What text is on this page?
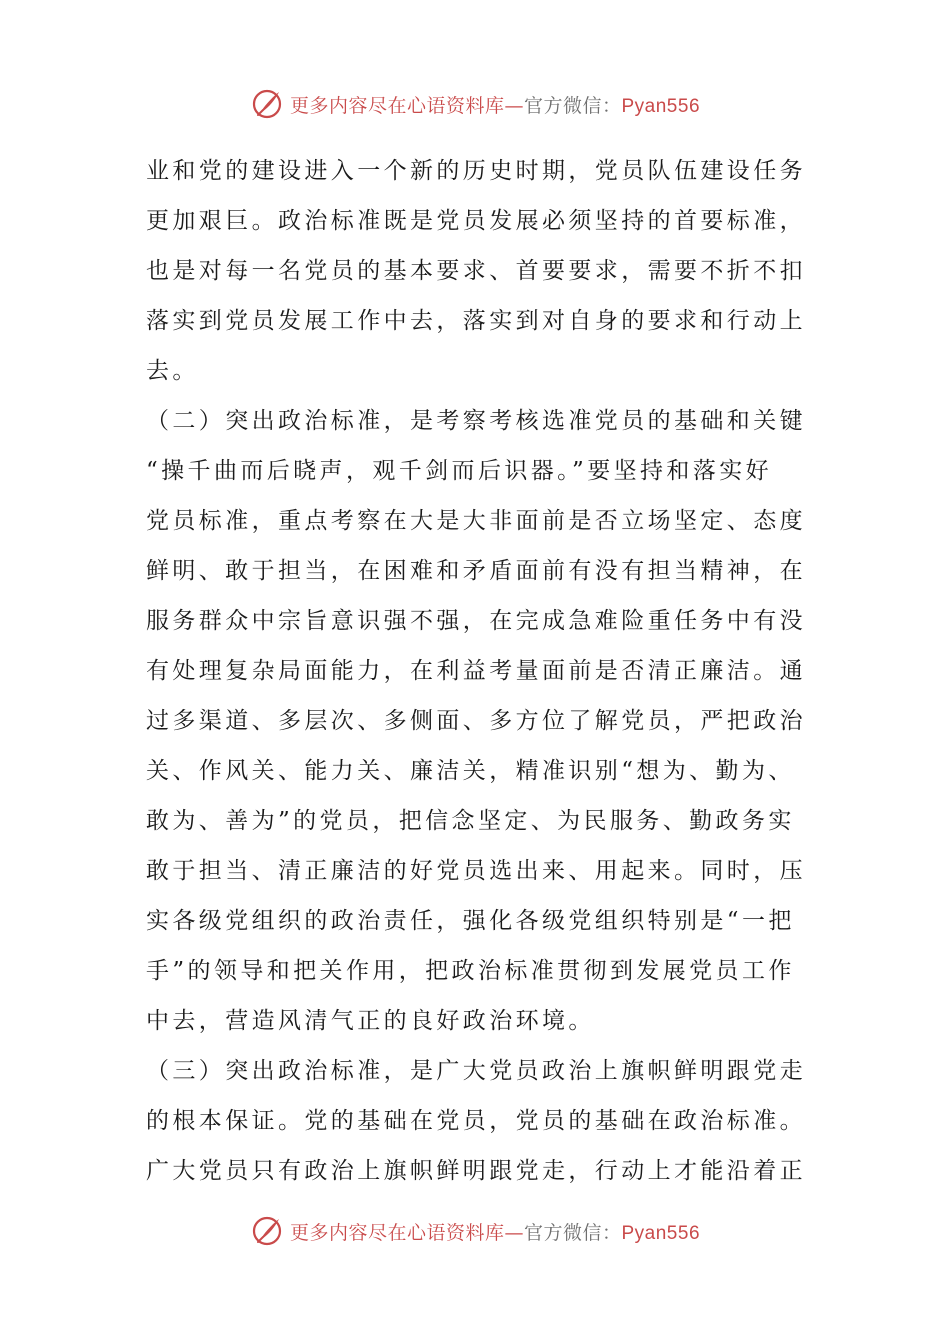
更多内容尽在心语资料库—官方微信：Pyan556
业和党的建设进入一个新的历史时期，党员队伍建设任务
更加艰巨。政治标准既是党员发展必须坚持的首要标准，
也是对每一名党员的基本要求、首要要求，需要不折不扣
落实到党员发展工作中去，落实到对自身的要求和行动上
去。
（二）突出政治标准，是考察考核选准党员的基础和关键
“操千曲而后晓声，观千剑而后识器。”要坚持和落实好
党员标准，重点考察在大是大非面前是否立场坚定、态度
鲜明、敢于担当，在困难和矛盾面前有没有担当精神，在
服务群众中宗旨意识强不强，在完成急难险重任务中有没
有处理复杂局面能力，在利益考量面前是否清正廉洁。通
过多渠道、多层次、多侧面、多方位了解党员，严把政治
关、作风关、能力关、廉洁关，精准识别“想为、勤为、
敢为、善为”的党员，把信念坚定、为民服务、勤政务实
敢于担当、清正廉洁的好党员选出来、用起来。同时，压
实各级党组织的政治责任，强化各级党组织特别是“一把
手”的领导和把关作用，把政治标准贯彻到发展党员工作
中去，营造风清气正的良好政治环境。
（三）突出政治标准，是广大党员政治上旗帜鲜明跟党走
的根本保证。党的基础在党员，党员的基础在政治标准。
广大党员只有政治上旗帜鲜明跟党走，行动上才能沿着正
更多内容尽在心语资料库—官方微信：Pyan556
